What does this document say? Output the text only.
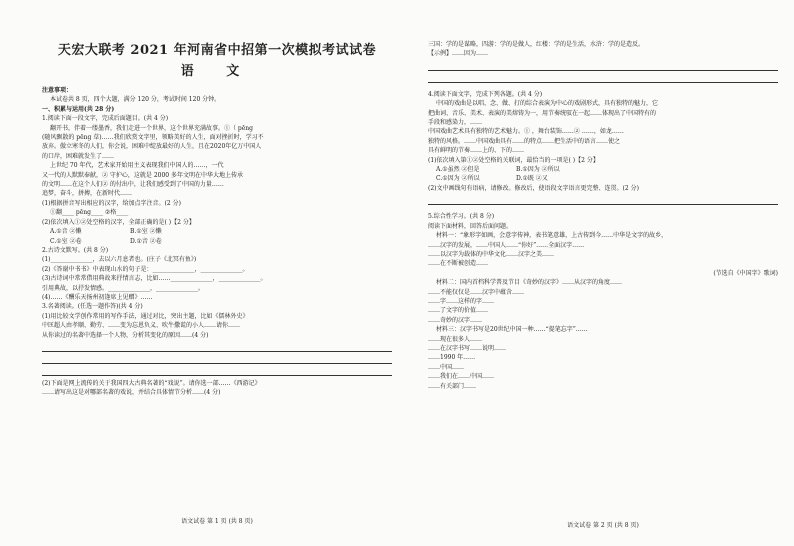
天宏大联考 2021 年河南省中招第一次模拟考试试卷
语 文
注意事项：
本试卷共 8 页，四个大题，满分 120 分，考试时间 120 分钟。
一、积累与运用(共 28 分)
1.阅读下面一段文字，完成后面题目。(共 4 分)
翻开书，伴着一缕墨香，我们走进一个世界，这个世界充满故事。①（ pēng
(随风飘散的 pēng 草)……我们欣赏文字里，领略美好的人生，面对挫折时，学习不
放弃。傲立寒冬的人们，你会说，困难中绽放最好的人生，且在2020年亿万中国人
的口岸，困难就发生了……
上世纪 70 年代，艺术家开始用主义表现我们中国人的……，一代
又一代的人默默奉献，② 守护心，这就是 2000 多年文明在中华大地上传承
的文明……在这个人们② 的付出中，让我们感受到了中国的力量……
追梦，奋斗，拼搏，在新时代……
(1)根据拼音写出相应的汉字，给加点字注音。(2 分)
①翻____ pēng____ ②格____
(2)依次填入①②处空格的汉字，全部正确的是( )【2 分】
A.①音 ②懒	B.①室 ②懒
C.①室 ②卷	D.①音 ②卷
2.古诗文默写。(共 8 分)
(1)______________，去以六月息者也。(庄子《北冥有鱼》)
(2)《答谢中书书》中表现山水的句子是：______________，______________。
(3)古诗词中常常借用典故来抒情言志，比如……______________，______________。
引用典故，以抒发情感。______________，______________。
(4)……《酬乐天扬州初逢席上见赠》……
3.名著阅读。(任选一题作答)(共 4 分)
(1)用比较文学创作常用的写作手法，通过对比，突出主题，比如《儒林外史》
中匡超人由孝顺、勤劳、……变为忘恩负义、吹牛撒谎的小人……请你……
从你读过的名著中选择一个人物，分析其变化的原因……(4 分)
(2)下面是网上流传的关于我国四大古典名著的“戏说”。请你选一部……《西游记》
……请写出这是对哪部名著的戏说，并结合具体情节分析……(4 分)
语文试卷 第 1 页 (共 8 页)
三国：学的是谋略，四游：学的是做人，红楼：学的是生活，水浒：学的是造反。
【示例】……因为……
4.阅读下面文字，完成下列各题。(共 4 分)
中国的戏曲是以唱、念、做、打的综合表演为中心的戏剧形式，具有独特的魅力，它
把曲词、音乐、美术、表演的美熔铸为一，用节奏统驭在一起……体现出了中国特有的
手段和感染力，……
中国戏曲艺术具有独特的艺术魅力。① ，舞台装饰……② ……，如龙……
独特的风格。……中国戏曲具有……的特点……把生活中的语言……使之
具有鲜明的节奏……上的、下的……
(1)依次填入第①②处空格的关联词，最恰当的一项是( )【2 分】
A.①虽然 ②但是	B.①因为 ②所以
C.①因为 ②所以	D.①既 ②又
(2)文中画线句有语病，请修改。修改后，使语段文字语言更完整、连贯。(2 分)
5.综合性学习。(共 8 分)
阅读下面材料，回答后面问题。
材料一：“象形字如画，会意字传神，表书笔意雄，上古传到今……中华是文字的故乡，
……汉字的发展，……中国人……“你好”……全面汉字……
……以汉字为载体的中华文化……汉字之美……
……在不断被创造……
(节选自《中国字》歌词)
材料二：国内首档科学普及节目《奇妙的汉字》……从汉字的角度……
……不能仅仅是……汉字中蕴含……
……字……这样的字……
……了文字的价值……
……奇妙的汉字……
材料三：汉字书写是20世纪中国一种……“提笔忘字”……
……现在很多人……
……在汉字书写……说明……
……1990 年……
……中国……
……我们在……中国……
……有关部门……
语文试卷 第 2 页 (共 8 页)
